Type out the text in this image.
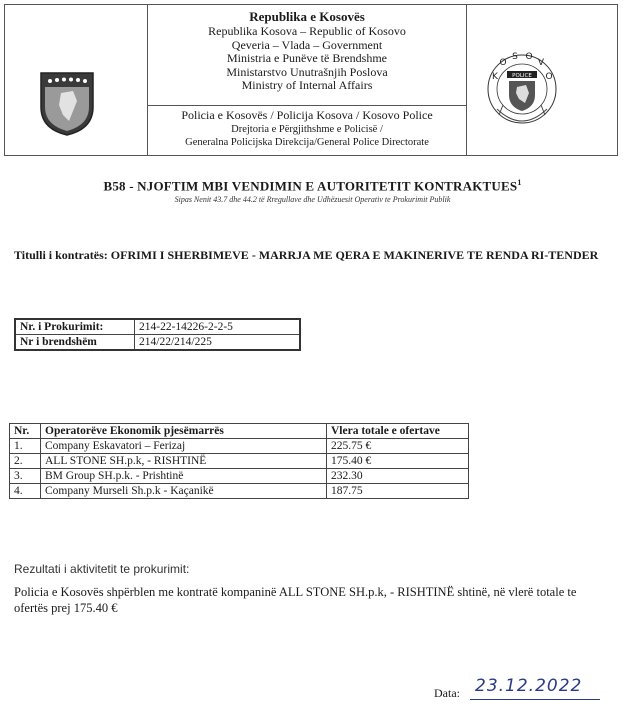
Republika e Kosovës
Republika Kosova – Republic of Kosovo
Qeveria – Vlada – Government
Ministria e Punëve të Brendshme
Ministarstvo Unutrašnjih Poslova
Ministry of Internal Affairs
Policia e Kosovës / Policija Kosova / Kosovo Police
Drejtoria e Përgjithshme e Policisë /
Generalna Policijska Direkcija/General Police Directorate
K
O
S O
V
O
POLICE
B58 - NJOFTIM MBI VENDIMIN E AUTORITETIT KONTRAKTUES$^1$
Sipas Nenit 43.7 dhe 44.2 të Rregullave dhe Udhëzuesit Operativ te Prokurimit Publik
Titulli i kontratës: OFRIMI I SHERBIMEVE - MARRJA ME QERA E MAKINERIVE TE RENDA RI-TENDER
Nr. i Prokurimit:	214-22-14226-2-2-5
Nr i brendshëm	214/22/214/225
Nr.	Operatorëve Ekonomik pjesëmarrës	Vlera totale e ofertave
1.	Company Eskavatori – Ferizaj	225.75 €
2.	ALL STONE SH.p.k, - RISHTINË	175.40 €
3.	BM Group SH.p.k. - Prishtinë	232.30
4.	Company Murseli Sh.p.k - Kaçanikë	187.75
Rezultati i aktivitetit te prokurimit:
Policia e Kosovës shpërblen me kontratë kompaninë ALL STONE SH.p.k, - RISHTINË shtinë, në vlerë totale te ofertës prej 175.40 €
Data: 23.12.2022
